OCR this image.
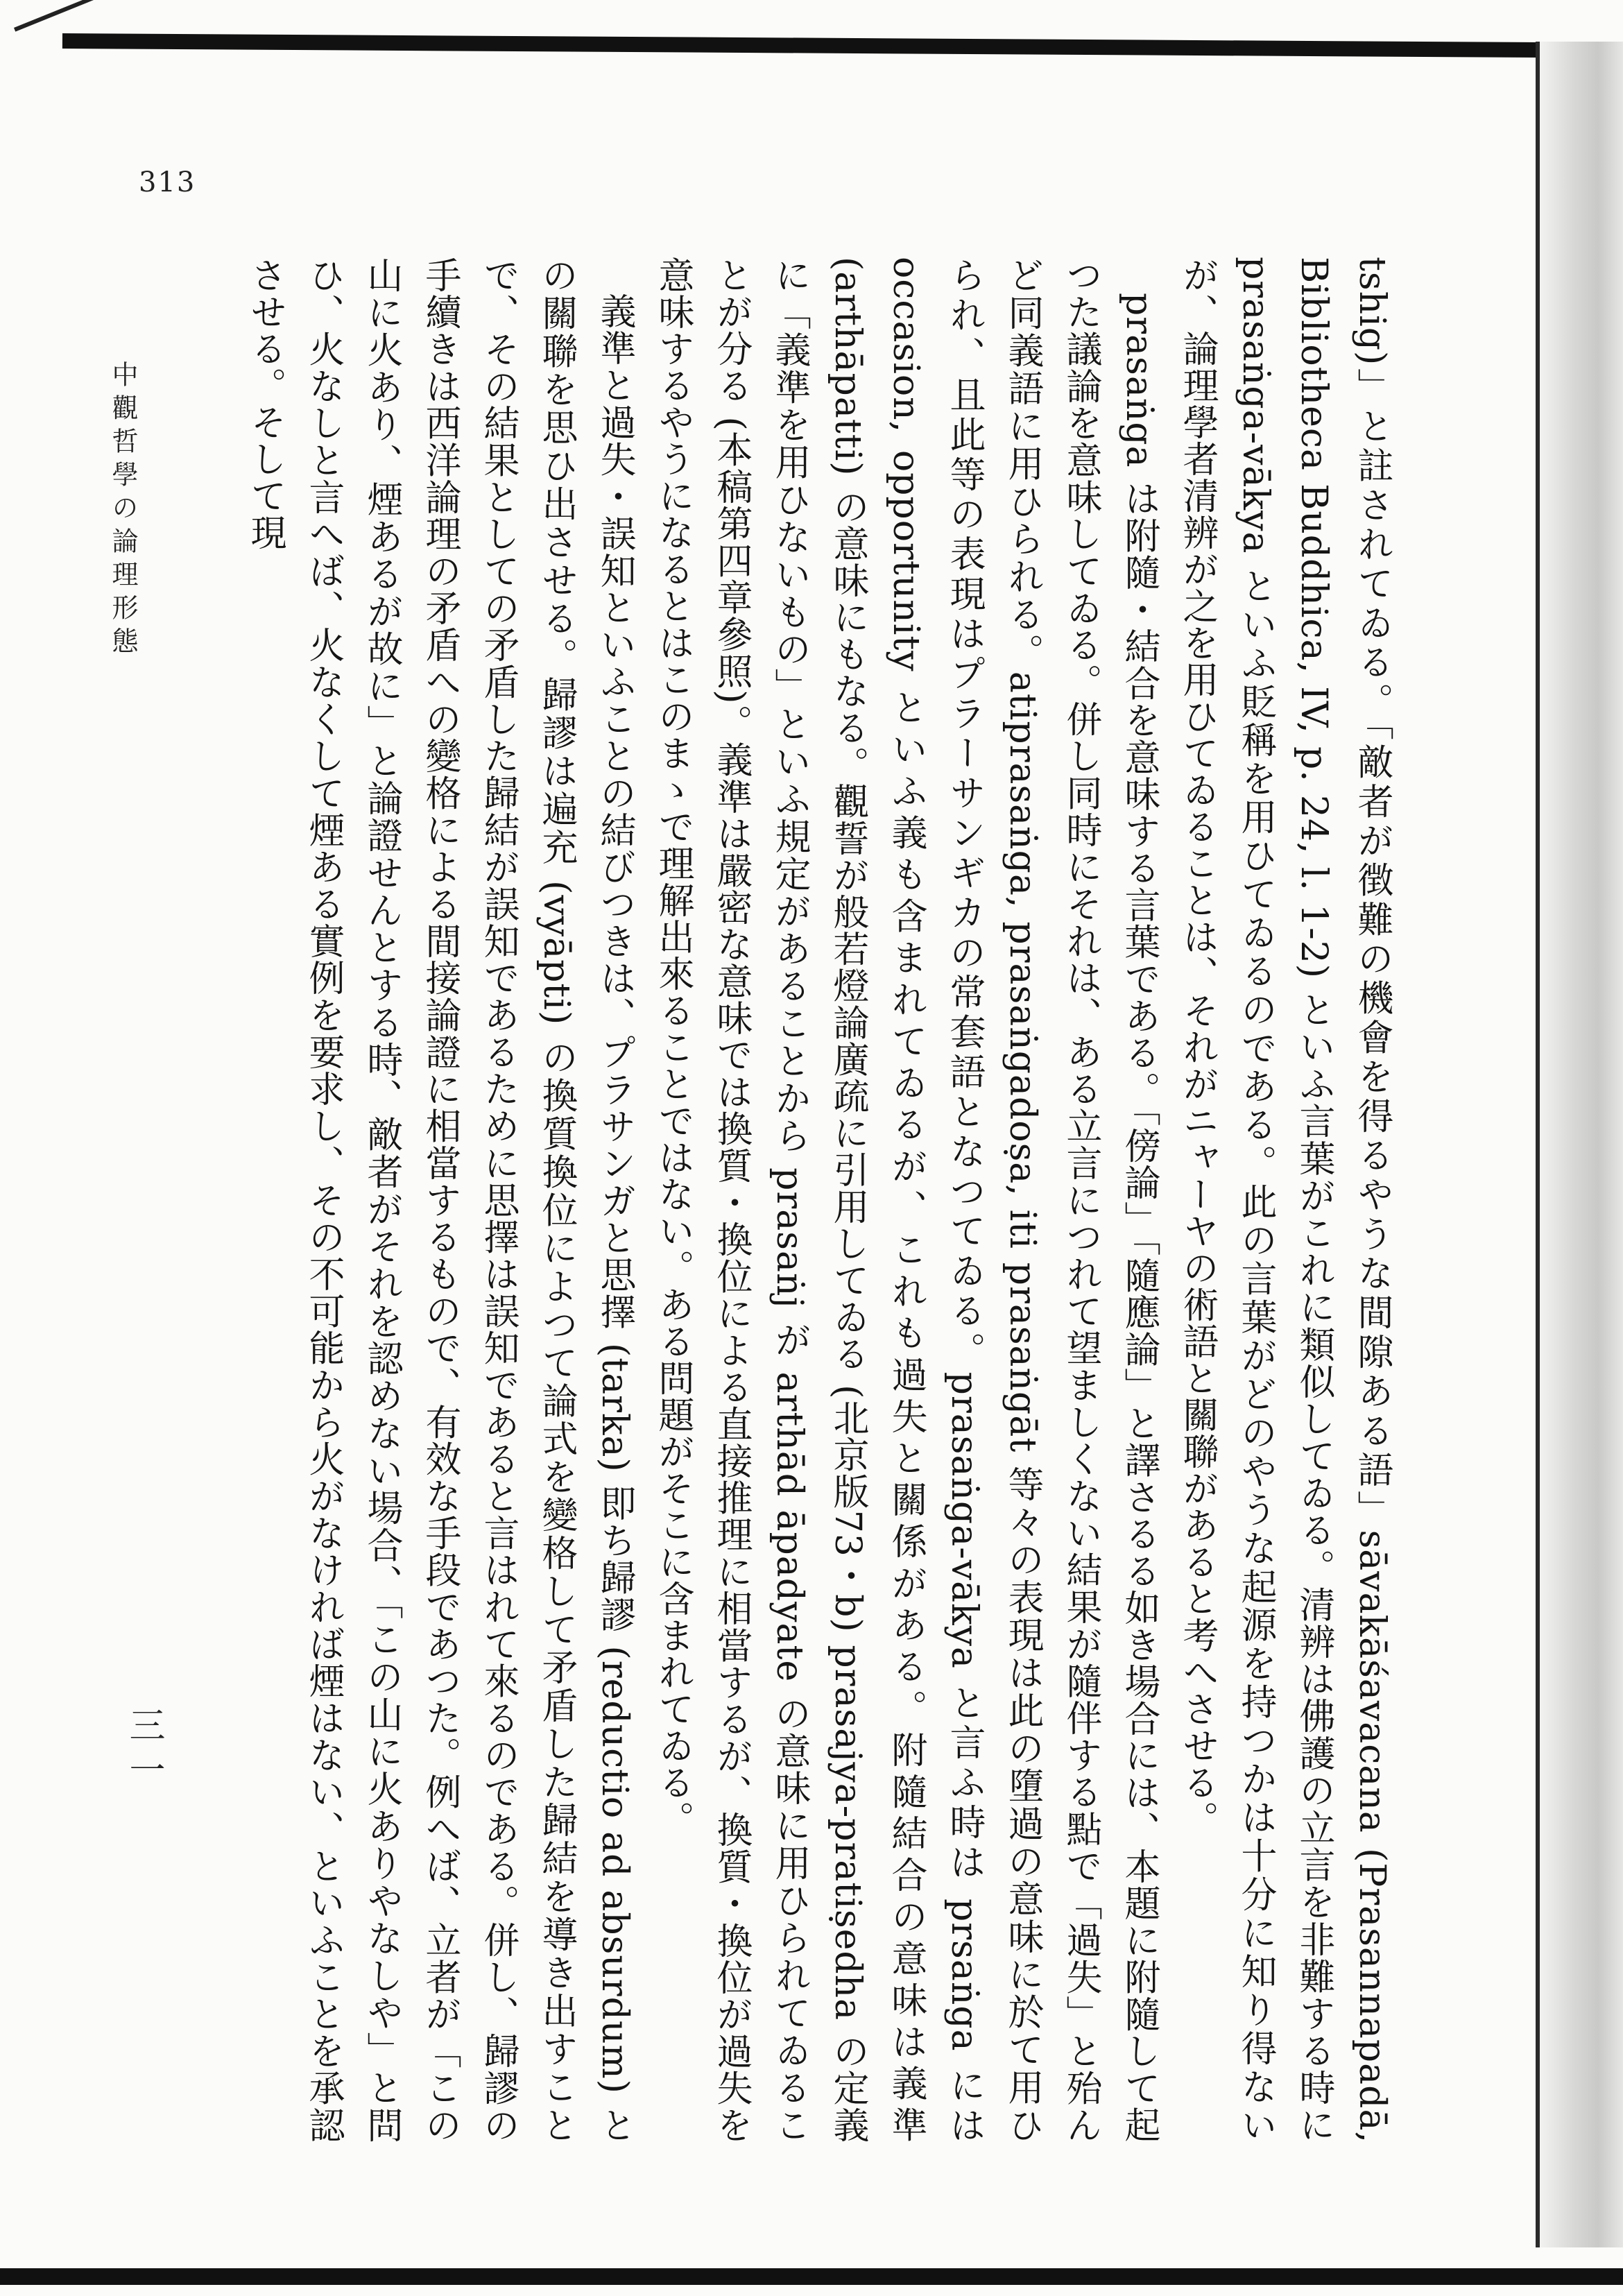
313
中觀哲學の論理形態
三一	tshig)」と註されてゐる。「敵者が徴難の機會を得るやうな間隙ある語」sāvakāśavacana (Prasannapadā, Bibliotheca Buddhica, IV, p. 24, l. 1-2) といふ言葉がこれに類似してゐる。清辨は佛護の立言を非難する時に prasaṅga-vākya といふ貶稱を用ひてゐるのである。此の言葉がどのやうな起源を持つかは十分に知り得ないが、論理學者清辨が之を用ひてゐることは、それがニャーヤの術語と關聯があると考へさせる。

prasaṅga は附隨・結合を意味する言葉である。「傍論」「隨應論」と譯さるる如き場合には、本題に附隨して起つた議論を意味してゐる。併し同時にそれは、ある立言につれて望ましくない結果が隨伴する點で「過失」と殆んど同義語に用ひられる。atiprasaṅga, prasaṅgadoṣa, iti prasaṅgāt 等々の表現は此の墮過の意味に於て用ひられ、且此等の表現はプラーサンギカの常套語となつてゐる。prasaṅga-vākya と言ふ時は prsaṅga には occasion, opportunity といふ義も含まれてゐるが、これも過失と關係がある。附隨結合の意味は義準 (arthāpatti) の意味にもなる。觀誓が般若燈論廣疏に引用してゐる (北京版73・b) prasajya-pratiṣedha の定義に「義準を用ひないもの」といふ規定があることから prasaṅj が arthād āpadyate の意味に用ひられてゐることが分る (本稿第四章參照)。義準は嚴密な意味では換質・換位による直接推理に相當するが、換質・換位が過失を意味するやうになるとはこのまゝで理解出來ることではない。ある問題がそこに含まれてゐる。

義準と過失・誤知といふことの結びつきは、プラサンガと思擇 (tarka) 即ち歸謬 (reductio ad absurdum) との關聯を思ひ出させる。歸謬は遍充 (vyāpti) の換質換位によつて論式を變格して矛盾した歸結を導き出すことで、その結果としての矛盾した歸結が誤知であるために思擇は誤知であると言はれて來るのである。併し、歸謬の手續きは西洋論理の矛盾への變格による間接論證に相當するもので、有效な手段であつた。例へば、立者が「この山に火あり、煙あるが故に」と論證せんとする時、敵者がそれを認めない場合、「この山に火ありやなしや」と問ひ、火なしと言へば、火なくして煙ある實例を要求し、その不可能から火がなければ煙はない、といふことを承認させる。そして現
